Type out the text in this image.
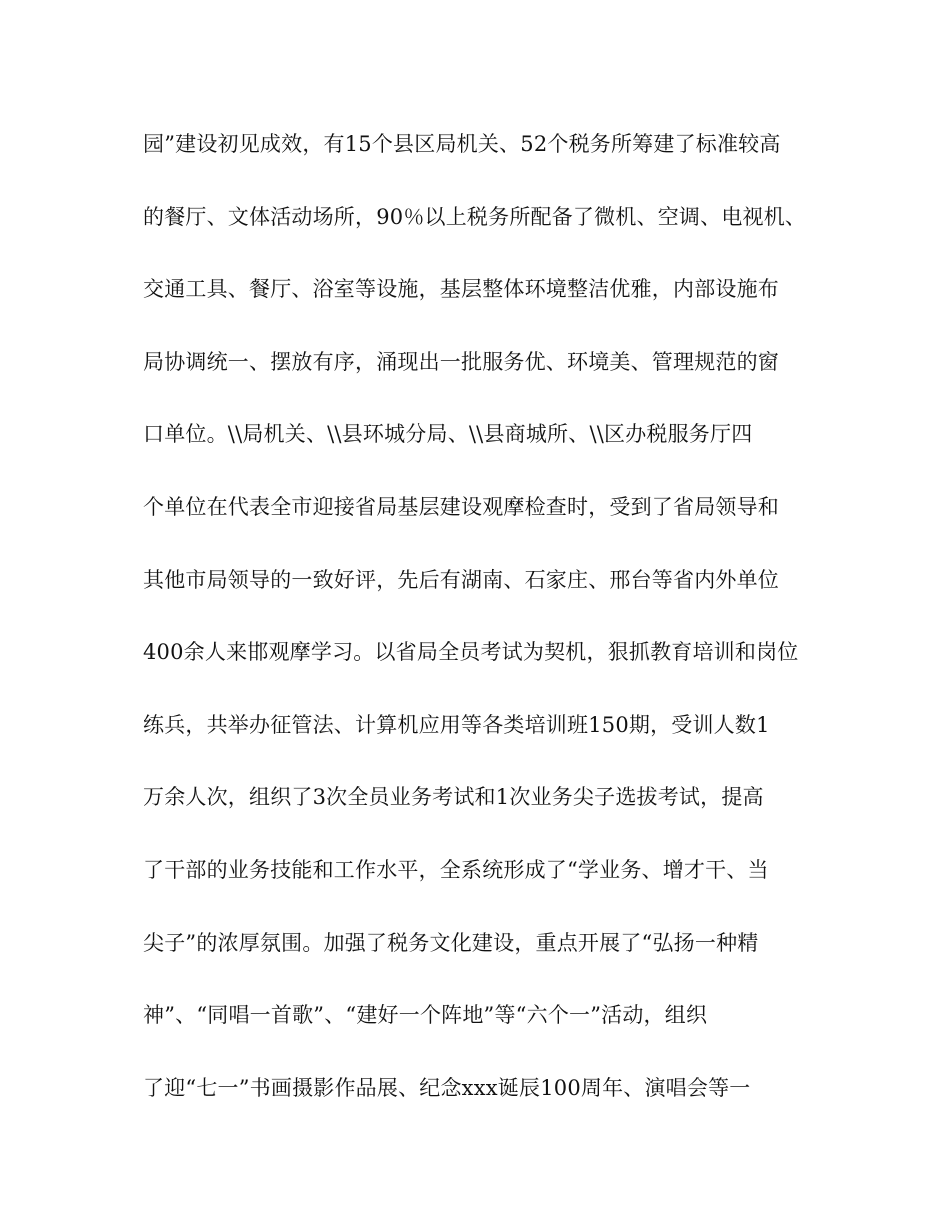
园”建设初见成效，有15个县区局机关、52个税务所筹建了标准较高
的餐厅、文体活动场所，90％以上税务所配备了微机、空调、电视机、
交通工具、餐厅、浴室等设施，基层整体环境整洁优雅，内部设施布
局协调统一、摆放有序，涌现出一批服务优、环境美、管理规范的窗
口单位。\\局机关、\\县环城分局、\\县商城所、\\区办税服务厅四
个单位在代表全市迎接省局基层建设观摩检查时，受到了省局领导和
其他市局领导的一致好评，先后有湖南、石家庄、邢台等省内外单位
400余人来邯观摩学习。以省局全员考试为契机，狠抓教育培训和岗位
练兵，共举办征管法、计算机应用等各类培训班150期，受训人数1
万余人次，组织了3次全员业务考试和1次业务尖子选拔考试，提高
了干部的业务技能和工作水平，全系统形成了“学业务、增才干、当
尖子”的浓厚氛围。加强了税务文化建设，重点开展了“弘扬一种精
神”、“同唱一首歌”、“建好一个阵地”等“六个一”活动，组织
了迎“七一”书画摄影作品展、纪念xxx诞辰100周年、演唱会等一
